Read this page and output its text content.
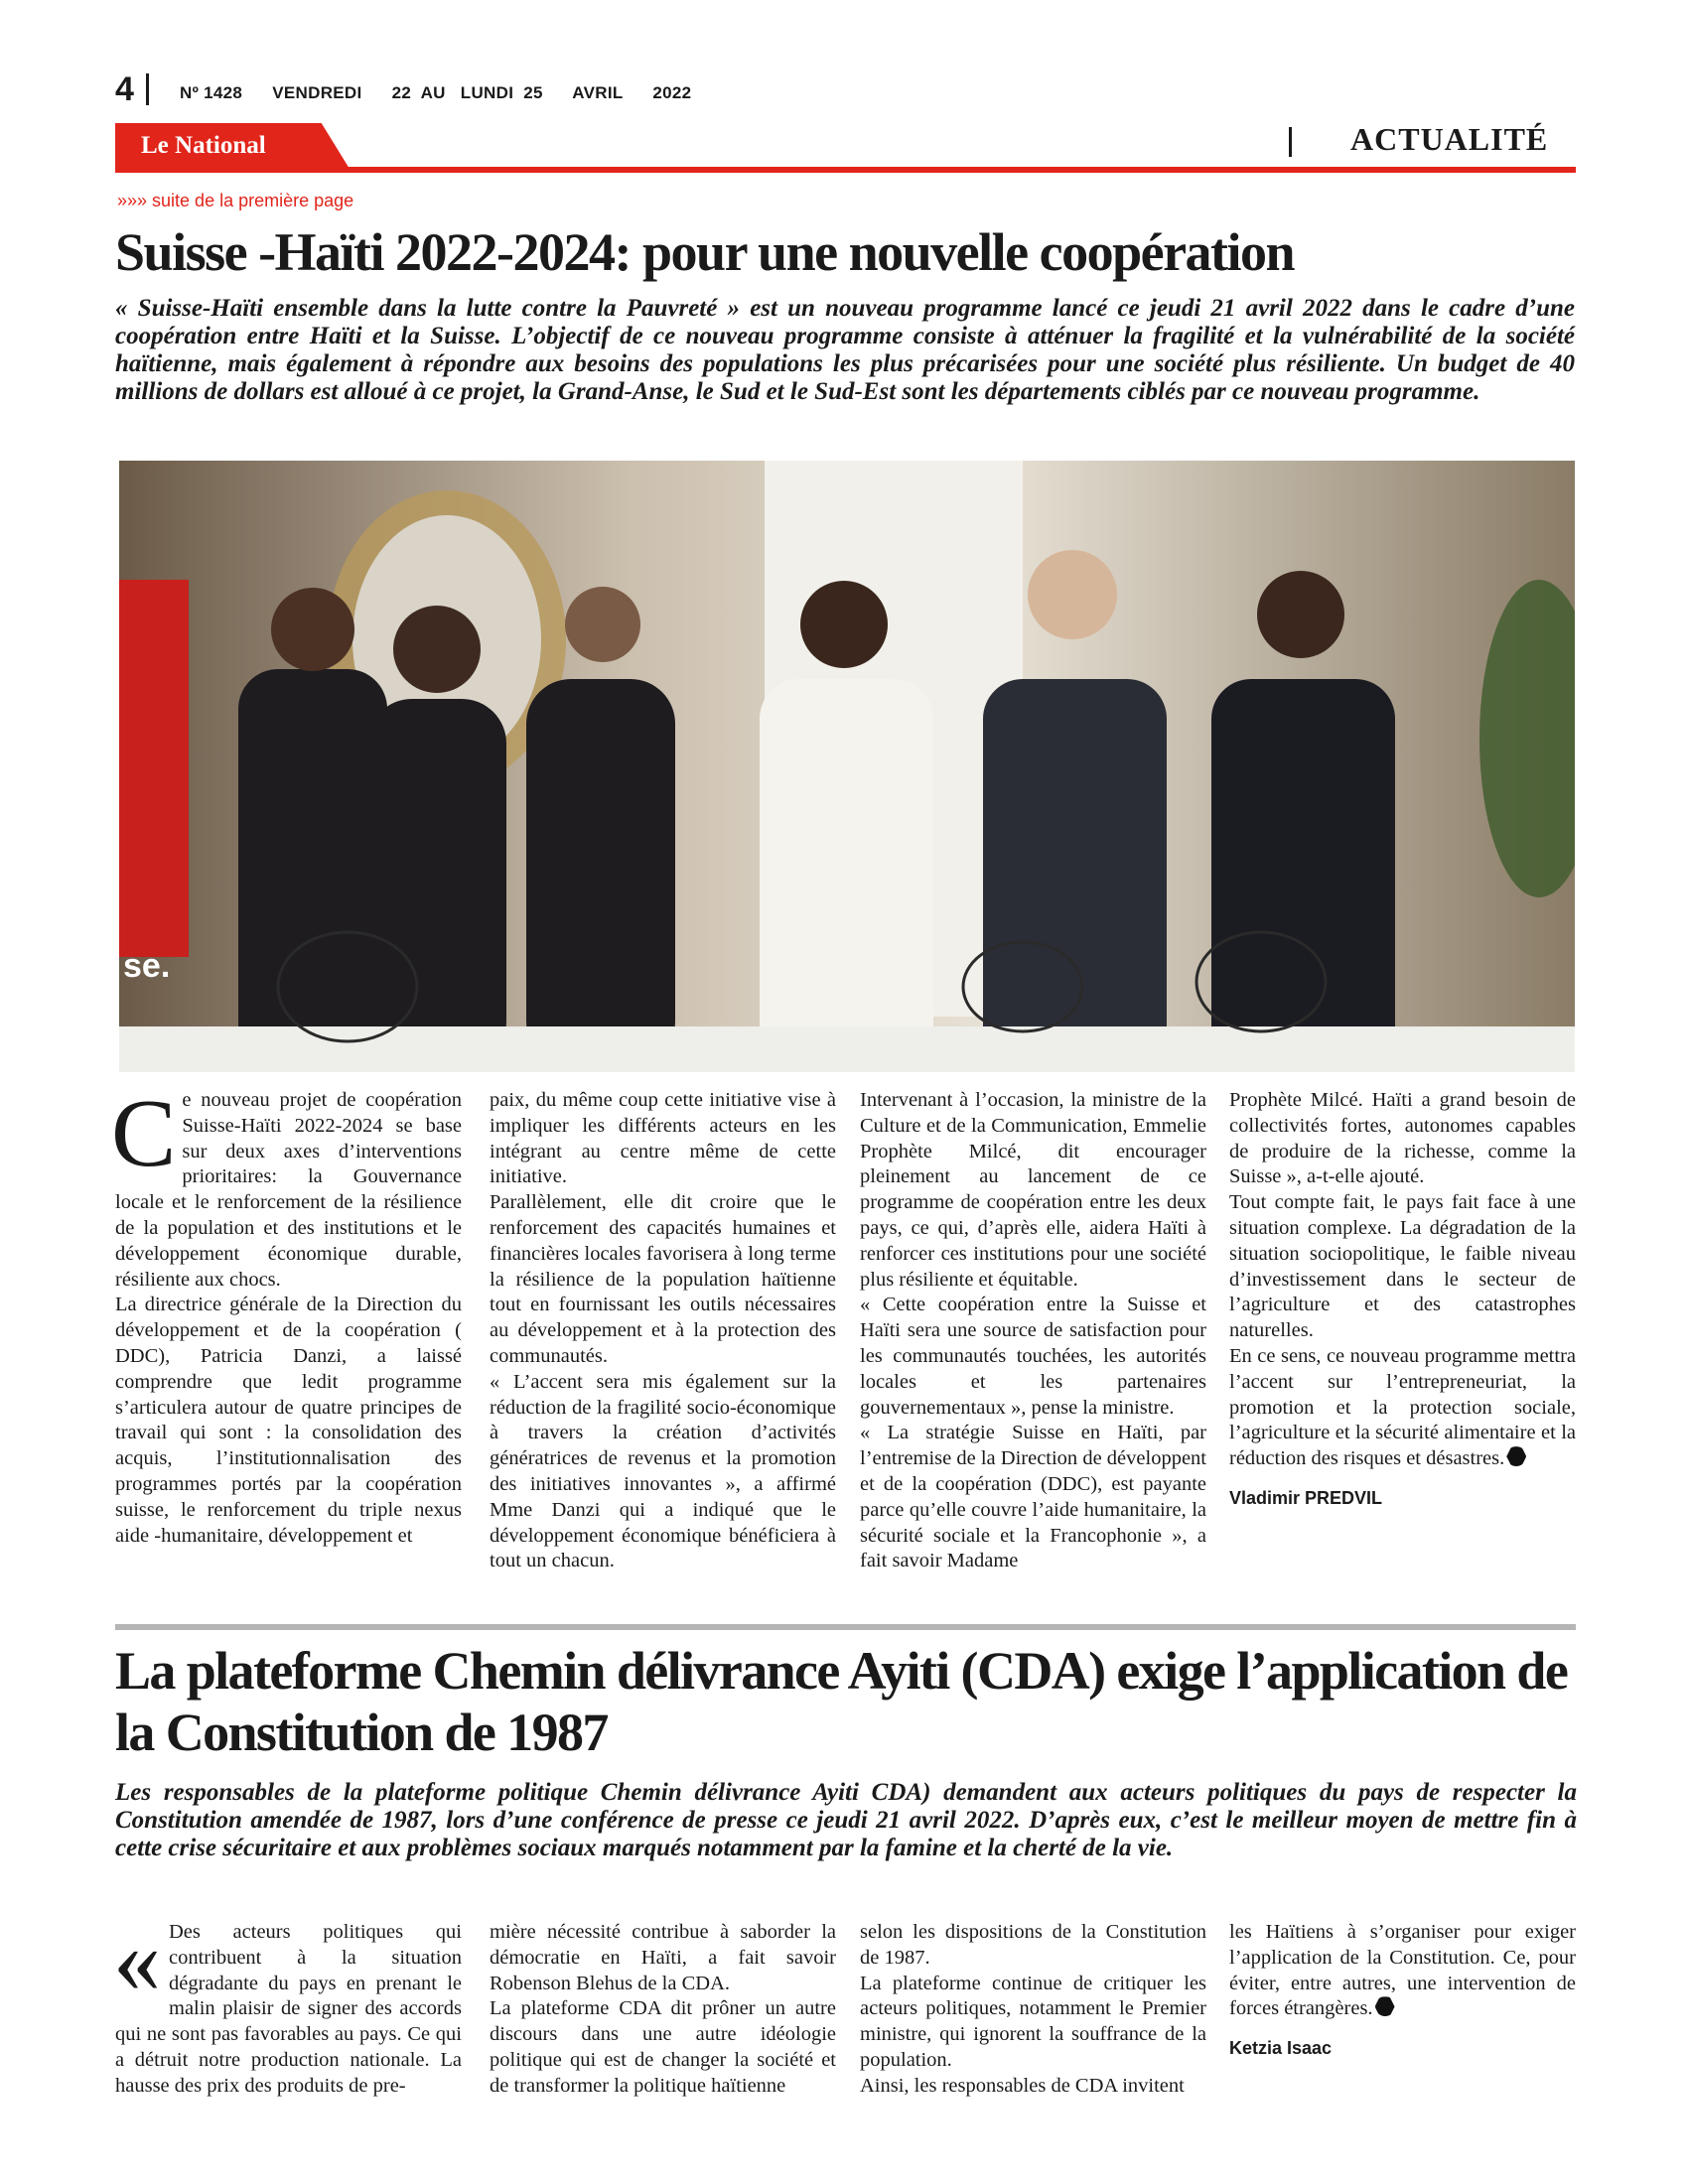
4	Nº 1428      VENDREDI      22  AU   LUNDI  25      AVRIL      2022
Le National	ACTUALITÉ
»»» suite de la première page
Suisse -Haïti 2022-2024: pour une nouvelle coopération
« Suisse-Haïti ensemble dans la lutte contre la Pauvreté » est un nouveau programme lancé ce jeudi 21 avril 2022 dans le cadre d’une coopération entre Haïti et la Suisse. L’objectif de ce nouveau programme consiste à atténuer la fragilité et la vulnérabilité de la société haïtienne, mais également à répondre aux besoins des populations les plus précarisées pour une société plus résiliente. Un budget de 40 millions de dollars est alloué à ce projet, la Grand-Anse, le Sud et le Sud-Est sont les départements ciblés par ce nouveau programme.
se.
C e nouveau projet de coopération Suisse-Haïti 2022-2024 se base sur deux axes d’interventions prioritaires: la Gouvernance locale et le renforcement de la résilience de la population et des institutions et le développement économique durable, résiliente aux chocs.

La directrice générale de la Direction du développement et de la coopération ( DDC), Patricia Danzi, a laissé comprendre que ledit programme s’articulera autour de quatre principes de travail qui sont : la consolidation des acquis, l’institutionnalisation des programmes portés par la coopération suisse, le renforcement du triple nexus aide -humanitaire, développement et

paix, du même coup cette initiative vise à impliquer les différents acteurs en les intégrant au centre même de cette initiative.

Parallèlement, elle dit croire que le renforcement des capacités humaines et financières locales favorisera à long terme la résilience de la population haïtienne tout en fournissant les outils nécessaires au développement et à la protection des communautés.

« L’accent sera mis également sur la réduction de la fragilité socio-économique à travers la création d’activités génératrices de revenus et la promotion des initiatives innovantes », a affirmé Mme Danzi qui a indiqué que le développement économique bénéficiera à tout un chacun.

Intervenant à l’occasion, la ministre de la Culture et de la Communication, Emmelie Prophète Milcé, dit encourager pleinement au lancement de ce programme de coopération entre les deux pays, ce qui, d’après elle, aidera Haïti à renforcer ces institutions pour une société plus résiliente et équitable.

« Cette coopération entre la Suisse et Haïti sera une source de satisfaction pour les communautés touchées, les autorités locales et les partenaires gouvernementaux », pense la ministre.

« La stratégie Suisse en Haïti, par l’entremise de la Direction de développent et de la coopération (DDC), est payante parce qu’elle couvre l’aide humanitaire, la sécurité sociale et la Francophonie », a fait savoir Madame

Prophète Milcé. Haïti a grand besoin de collectivités fortes, autonomes capables de produire de la richesse, comme la Suisse », a-t-elle ajouté.

Tout compte fait, le pays fait face à une situation complexe. La dégradation de la situation sociopolitique, le faible niveau d’investissement dans le secteur de l’agriculture et des catastrophes naturelles.

En ce sens, ce nouveau programme mettra l’accent sur l’entrepreneuriat, la promotion et la protection sociale, l’agriculture et la sécurité alimentaire et la réduction des risques et désastres.

Vladimir PREDVIL

La plateforme Chemin délivrance Ayiti (CDA) exige l’application de la Constitution de 1987
Les responsables de la plateforme politique Chemin délivrance Ayiti CDA) demandent aux acteurs politiques du pays de respecter la Constitution amendée de 1987, lors d’une conférence de presse ce jeudi 21 avril 2022. D’après eux, c’est le meilleur moyen de mettre fin à cette crise sécuritaire et aux problèmes sociaux marqués notamment par la famine et la cherté de la vie.
« Des acteurs politiques qui contribuent à la situation dégradante du pays en prenant le malin plaisir de signer des accords qui ne sont pas favorables au pays. Ce qui a détruit notre production nationale. La hausse des prix des produits de pre-

mière nécessité contribue à saborder la démocratie en Haïti, a fait savoir Robenson Blehus de la CDA.

La plateforme CDA dit prôner un autre discours dans une autre idéologie politique qui est de changer la société et de transformer la politique haïtienne

selon les dispositions de la Constitution de 1987.

La plateforme continue de critiquer les acteurs politiques, notamment le Premier ministre, qui ignorent la souffrance de la population.

Ainsi, les responsables de CDA invitent

les Haïtiens à s’organiser pour exiger l’application de la Constitution. Ce, pour éviter, entre autres, une intervention de forces étrangères.

Ketzia Isaac
